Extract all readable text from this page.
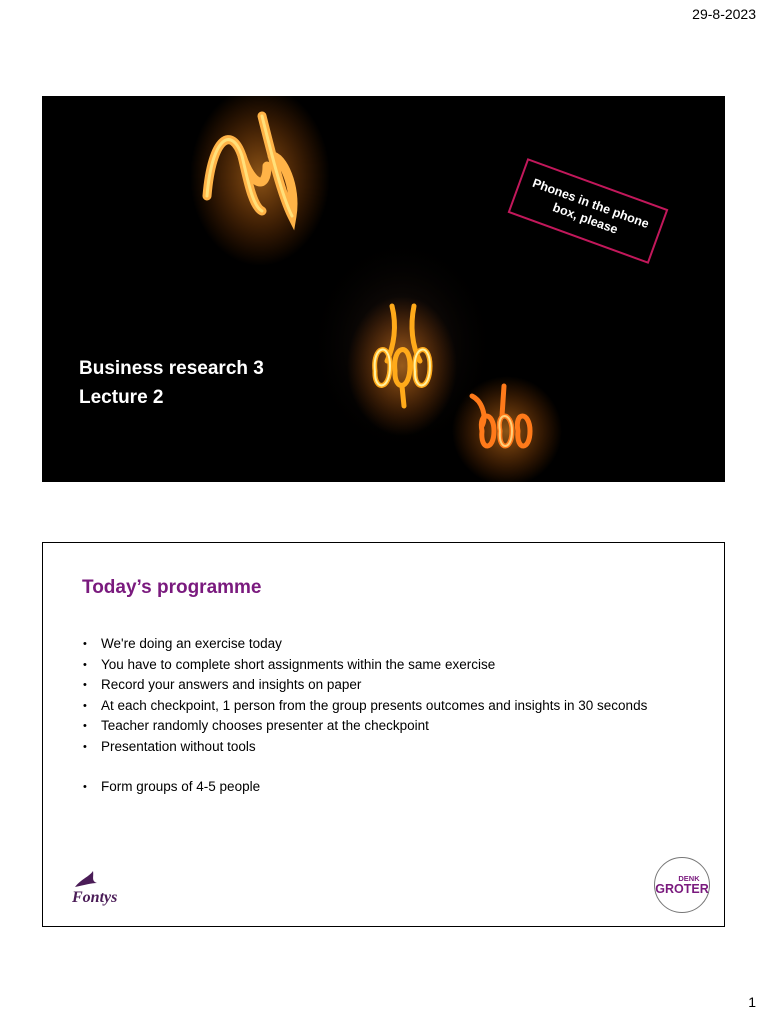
29-8-2023
Business research 3
Lecture 2
Phones in the phone box, please
Today’s programme
• We're doing an exercise today
• You have to complete short assignments within the same exercise
• Record your answers and insights on paper
• At each checkpoint, 1 person from the group presents outcomes and insights in 30 seconds
• Teacher randomly chooses presenter at the checkpoint
• Presentation without tools
• Form groups of 4-5 people
Fontys
DENK
GROTER
1
